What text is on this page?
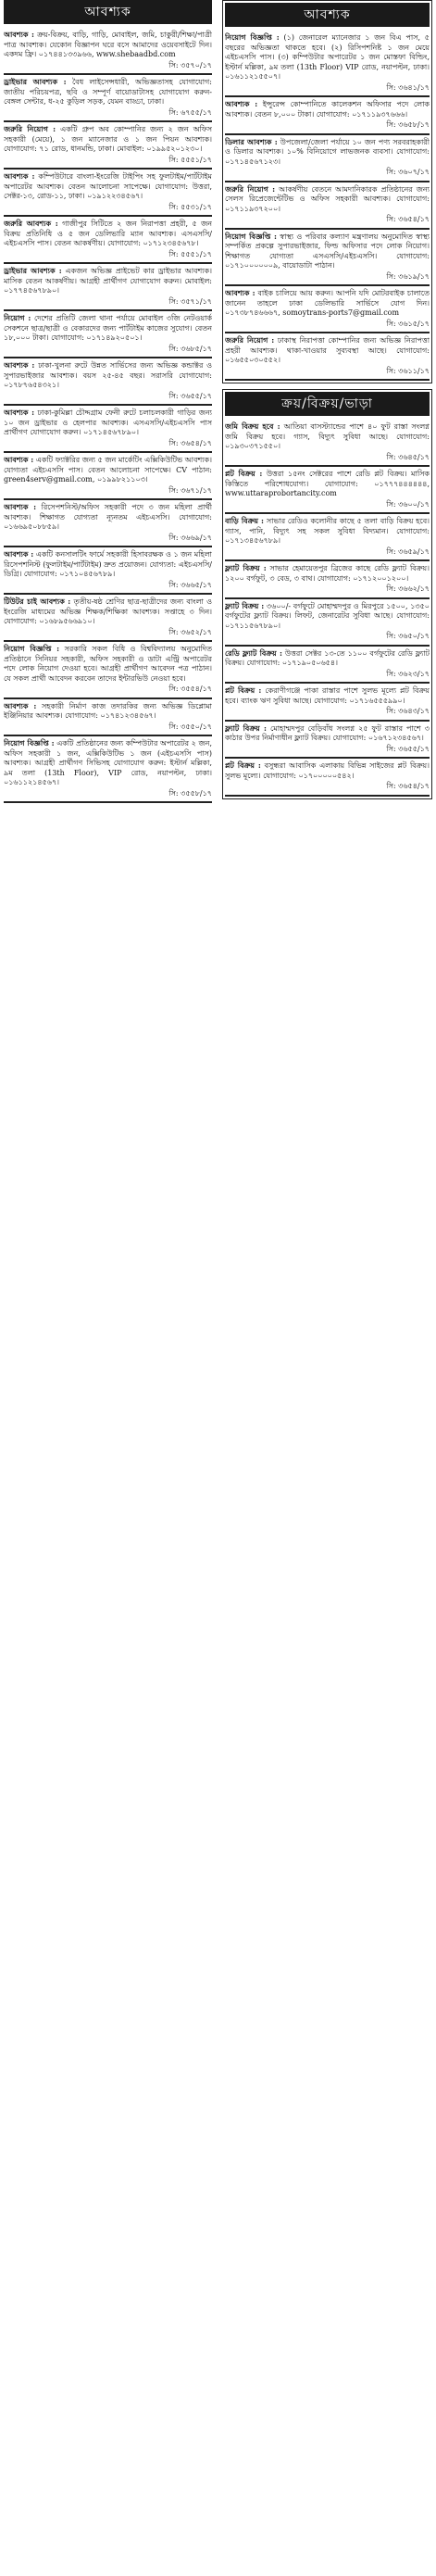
আবশ্যক
আবশ্যক : ক্রয়-বিক্রয়, বাড়ি, গাড়ি, মোবাইল, জমি, চাকুরী/শিক্ষা/পাত্রী পাত্র আবশ্যক। যেকোন বিজ্ঞাপন ঘরে বসে আমাদের ওয়েবসাইটে দিন। একদম ফ্রি। ০১৭৪৪১৩৩৯৬৬, www.shebaadbd.com
সি: ৩৫৭০/১৭
ড্রাইভার আবশ্যক : বৈধ লাইসেন্সধারী, অভিজ্ঞতাসহ যোগাযোগ: জাতীয় পরিচয়পত্র, ছবি ও সম্পূর্ণ বায়োডাটাসহ যোগাযোগ করুন- বেঙ্গল সেন্টার, ধ-২৫ কুড়িল সড়ক, যেমন বাড্ডা, ঢাকা।
সি: ৬৭৫৫/১৭
জরুরি নিয়োগ : একটি গ্রুপ অব কোম্পানির জন্য ২ জন অফিস সহকারী (মেয়ে), ১ জন ম্যানেজার ও ১ জন পিয়ন আবশ্যক। যোগাযোগ: ৭১ রোড, ধানমন্ডি, ঢাকা। মোবাইল: ০১৯৯৫২০১২৩০।
সি: ৫৫৫১/১৭
আবশ্যক : কম্পিউটারে বাংলা-ইংরেজি টাইপিং সহ ফুলটাইম/পার্টটাইম অপারেটর আবশ্যক। বেতন আলোচনা সাপেক্ষে। যোগাযোগ: উত্তরা, সেক্টর-১৩, রোড-১১, ঢাকা। ০১৯১২২৩৪৫৬৭।
সি: ৫৫৩১/১৭
জরুরি আবশ্যক : গাজীপুর সিটিতে ২ জন নিরাপত্তা প্রহরী, ৫ জন বিক্রয় প্রতিনিধি ও ৫ জন ডেলিভারি ম্যান আবশ্যক। এসএসসি/এইচএসসি পাস। বেতন আকর্ষণীয়। যোগাযোগ: ০১৭১২৩৪৫৬৭৮।
সি: ৫৫৫১/১৭
ড্রাইভার আবশ্যক : একজন অভিজ্ঞ প্রাইভেট কার ড্রাইভার আবশ্যক। মাসিক বেতন আকর্ষণীয়। আগ্রহী প্রার্থীগণ যোগাযোগ করুন। মোবাইল: ০১৭৭৪৫৬৭৮৯০।
সি: ৩৫৭১/১৭
নিয়োগ : দেশের প্রতিটি জেলা থানা পর্যায়ে মোবাইল ৩জি নেটওয়ার্ক সেকশনে ছাত্র/ছাত্রী ও বেকারদের জন্য পার্টটাইম কাজের সুযোগ। বেতন ১৮,০০০ টাকা। যোগাযোগ: ০১৭১৪৯২০৫০১।
সি: ৩৬৮৫/১৭
আবশ্যক : ঢাকা-খুলনা রুটে উন্নত সার্ভিসের জন্য অভিজ্ঞ কন্ডাক্টর ও সুপারভাইজার আবশ্যক। বয়স ২৫-৪৫ বছর। সরাসরি যোগাযোগ: ০১৭৮৭৬৫৪৩২১।
সি: ৩৬৫৫/১৭
আবশ্যক : ঢাকা-কুমিল্লা চৌদ্দগ্রাম ফেনী রুটে চলাচলকারী গাড়ির জন্য ১০ জন ড্রাইভার ও হেলপার আবশ্যক। এসএসসি/এইচএসসি পাস প্রার্থীগণ যোগাযোগ করুন। ০১৭১৪৫৬৭৮৯০।
সি: ৩৬৫৪/১৭
আবশ্যক : একটি ফ্যাক্টরির জন্য ৫ জন মার্কেটিং এক্সিকিউটিভ আবশ্যক। যোগ্যতা এইচএসসি পাস। বেতন আলোচনা সাপেক্ষে। CV পাঠান: green4serv@gmail.com, ০১৯৯৮২১১০৩।
সি: ৩৬৭১/১৭
আবশ্যক : রিসেপশনিস্ট/অফিস সহকারী পদে ৩ জন মহিলা প্রার্থী আবশ্যক। শিক্ষাগত যোগ্যতা ন্যূনতম এইচএসসি। যোগাযোগ: ০১৬৬৯৫০৮৮৫৯।
সি: ৩৬৬৯/১৭
আবশ্যক : একটি কনসালটিং ফার্মে সহকারী হিসাবরক্ষক ও ১ জন মহিলা রিসেপশনিস্ট (ফুলটাইম/পার্টটাইম) দ্রুত প্রয়োজন। যোগ্যতা: এইচএসসি/ডিগ্রি। যোগাযোগ: ০১৭১০৪৫৬৭৮৯।
সি: ৩৬৬৫/১৭
টিউটর চাই আবশ্যক : তৃতীয়-ষষ্ঠ শ্রেণির ছাত্র-ছাত্রীদের জন্য বাংলা ও ইংরেজি মাধ্যমের অভিজ্ঞ শিক্ষক/শিক্ষিকা আবশ্যক। সপ্তাহে ৩ দিন। যোগাযোগ: ০১৬৮৯৫৬৬৯১০।
সি: ৩৬৫২/১৭
নিয়োগ বিজ্ঞপ্তি : সরকারি সকল বিধি ও বিশ্ববিদ্যালয় অনুমোদিত প্রতিষ্ঠানে সিনিয়র সহকারী, অফিস সহকারী ও ডাটা এন্ট্রি অপারেটর পদে লোক নিয়োগ দেওয়া হবে। আগ্রহী প্রার্থীগণ আবেদন পত্র পাঠান। যে সকল প্রার্থী আবেদন করবেন তাদের ইন্টারভিউ নেওয়া হবে।
সি: ৩৫৫৪/১৭
আবশ্যক : সহকারী নির্মাণ কাজ তদারকির জন্য অভিজ্ঞ ডিপ্লোমা ইঞ্জিনিয়ার আবশ্যক। যোগাযোগ: ০১৭৪১২৩৪৫৬৭।
সি: ৩৫৫০/১৭
নিয়োগ বিজ্ঞপ্তি : একটি প্রতিষ্ঠানের জন্য কম্পিউটার অপারেটর ২ জন, অফিস সহকারী ১ জন, এক্সিকিউটিভ ১ জন (এইচএসসি পাস) আবশ্যক। আগ্রহী প্রার্থীগণ সিভিসহ যোগাযোগ করুন: ইস্টার্ন মল্লিকা, ৯ম তলা (13th Floor), VIP রোড, নয়াপল্টন, ঢাকা। ০১৬১১২১৪৫৬৭।
সি: ৩৫৫৮/১৭
আবশ্যক
নিয়োগ বিজ্ঞপ্তি : (১) জেনারেল ম্যানেজার ১ জন বিএ পাস, ৫ বছরের অভিজ্ঞতা থাকতে হবে। (২) রিসিপশনিষ্ট ১ জন মেয়ে এইচএসসি পাস। (৩) কম্পিউটার অপারেটর ১ জন মোস্তফা বিল্ডিং, ইস্টার্ন মল্লিকা, ৯ম তলা (13th Floor) VIP রোড, নয়াপল্টন, ঢাকা। ০১৬১১২১৫৫০৭।
সি: ৩৬৪১/১৭
আবশ্যক : ইন্সুরেন্স কোম্পানিতে কালেকশন অফিসার পদে লোক আবশ্যক। বেতন ৮,০০০ টাকা। যোগাযোগ: ০১৭১১৯৩৭৬৬৬।
সি: ৩৬৫৮/১৭
ডিলার আবশ্যক : উপজেলা/জেলা পর্যায়ে ১০ জন পণ্য সরবরাহকারী ও ডিলার আবশ্যক। ১০% বিনিয়োগে লাভজনক ব্যবসা। যোগাযোগ: ০১৭১৪৫৬৭১২৩।
সি: ৩৬০৭/১৭
জরুরি নিয়োগ : আকর্ষণীয় বেতনে আমদানিকারক প্রতিষ্ঠানের জন্য সেলস রিপ্রেজেন্টেটিভ ও অফিস সহকারী আবশ্যক। যোগাযোগ: ০১৭১১৯৩৭২০০।
সি: ৩৬৫৪/১৭
নিয়োগ বিজ্ঞপ্তি : স্বাস্থ্য ও পরিবার কল্যাণ মন্ত্রণালয় অনুমোদিত স্বাস্থ্য সম্পর্কিত প্রকল্পে সুপারভাইজার, ফিল্ড অফিসার পদে লোক নিয়োগ। শিক্ষাগত যোগ্যতা এসএসসি/এইচএসসি। যোগাযোগ: ০১৭১০০০০০০৯, বায়োডাটা পাঠান।
সি: ৩৬১৯/১৭
আবশ্যক : বাইক চালিয়ে আয় করুন। আপনি যদি মোটরবাইক চালাতে জানেন তাহলে ঢাকা ডেলিভারি সার্ভিসে যোগ দিন। ০১৭৩৮৭৪৬৬৬৭, somoytrans-ports7@gmail.com
সি: ৩৬১৫/১৭
জরুরি নিয়োগ : ঢাকাস্থ নিরাপত্তা কোম্পানির জন্য অভিজ্ঞ নিরাপত্তা প্রহরী আবশ্যক। থাকা-খাওয়ার সুব্যবস্থা আছে। যোগাযোগ: ০১৬৫৫০৩০৫৫২।
সি: ৩৬১১/১৭
ক্রয়/বিক্রয়/ভাড়া
জমি বিক্রয় হবে : আতিয়া বাসস্ট্যান্ডের পাশে ৪০ ফুট রাস্তা সংলগ্ন জমি বিক্রয় হবে। গ্যাস, বিদ্যুৎ সুবিধা আছে। যোগাযোগ: ০১৯৩০৩৭১৫৫০।
সি: ৩৬৪৫/১৭
প্লট বিক্রয় : উত্তরা ১৫নং সেক্টরের পাশে রেডি প্লট বিক্রয়। মাসিক কিস্তিতে পরিশোধযোগ্য। যোগাযোগ: ০১৭৭৭৪৪৪৪৪৪, www.uttaraprobortancity.com
সি: ৩৬০০/১৭
বাড়ি বিক্রয় : সাভার রেডিও কলোনীর কাছে ৫ তলা বাড়ি বিক্রয় হবে। গ্যাস, পানি, বিদ্যুৎ সহ সকল সুবিধা বিদ্যমান। যোগাযোগ: ০১৭১৩৪৫৬৭৮৯।
সি: ৩৬৫৯/১৭
ফ্ল্যাট বিক্রয় : সাভার হেমায়েতপুর ব্রিজের কাছে রেডি ফ্ল্যাট বিক্রয়। ১২০০ বর্গফুট, ৩ বেড, ৩ বাথ। যোগাযোগ: ০১৭১২০০১২০০।
সি: ৩৬৬২/১৭
ফ্ল্যাট বিক্রয় : ৩৬০০/- বর্গফুটে মোহাম্মদপুর ও মিরপুরে ১৫০০, ১৩৫০ বর্গফুটের ফ্ল্যাট বিক্রয়। লিফট, জেনারেটর সুবিধা আছে। যোগাযোগ: ০১৭১১৫৬৭৮৯০।
সি: ৩৬৫০/১৭
রেডি ফ্ল্যাট বিক্রয় : উত্তরা সেক্টর ১৩-তে ১১০০ বর্গফুটের রেডি ফ্ল্যাট বিক্রয়। যোগাযোগ: ০১৭১৯০৫০৬৫৪।
সি: ৩৬২৩/১৭
প্লট বিক্রয় : কেরাণীগঞ্জে পাকা রাস্তার পাশে সুলভ মূল্যে প্লট বিক্রয় হবে। ব্যাংক ঋণ সুবিধা আছে। যোগাযোগ: ০১৭১৬৫৫৫৯৯০।
সি: ৩৬৪৩/১৭
ফ্ল্যাট বিক্রয় : মোহাম্মদপুর বেড়িবাঁধ সংলগ্ন ২৫ ফুট রাস্তার পাশে ৩ কাঠার উপর নির্মাণাধীন ফ্ল্যাট বিক্রয়। যোগাযোগ: ০১৬৭১২৩৪৫৬৭।
সি: ৩৬৫৫/১৭
প্লট বিক্রয় : বসুন্ধরা আবাসিক এলাকায় বিভিন্ন সাইজের প্লট বিক্রয়। সুলভ মূল্যে। যোগাযোগ: ০১৭০০০০০৫৪২।
সি: ৩৬৫৪/১৭
